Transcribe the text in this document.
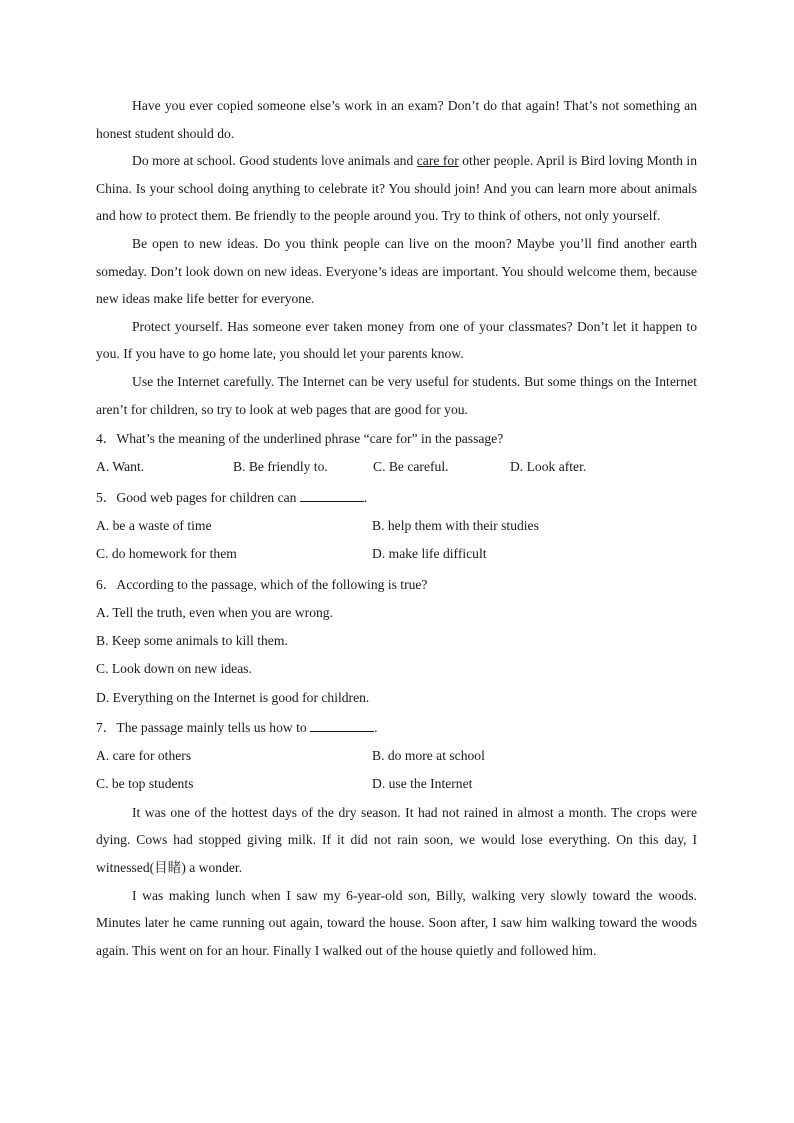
Have you ever copied someone else’s work in an exam? Don’t do that again! That’s not something an honest student should do.

Do more at school. Good students love animals and care for other people. April is Bird loving Month in China. Is your school doing anything to celebrate it? You should join! And you can learn more about animals and how to protect them. Be friendly to the people around you. Try to think of others, not only yourself.

Be open to new ideas. Do you think people can live on the moon? Maybe you’ll find another earth someday. Don’t look down on new ideas. Everyone’s ideas are important. You should welcome them, because new ideas make life better for everyone.

Protect yourself. Has someone ever taken money from one of your classmates? Don’t let it happen to you. If you have to go home late, you should let your parents know.

Use the Internet carefully. The Internet can be very useful for students. But some things on the Internet aren’t for children, so try to look at web pages that are good for you.

4．What’s the meaning of the underlined phrase “care for” in the passage?

A. Want.	B. Be friendly to.	C. Be careful.	D. Look after.

5．Good web pages for children can	.

A. be a waste of time	B. help them with their studies
C. do homework for them	D. make life difficult

6．According to the passage, which of the following is true?

A. Tell the truth, even when you are wrong.

B. Keep some animals to kill them.

C. Look down on new ideas.

D. Everything on the Internet is good for children.

7．The passage mainly tells us how to	.

A. care for others	B. do more at school
C. be top students	D. use the Internet

It was one of the hottest days of the dry season. It had not rained in almost a month. The crops were dying. Cows had stopped giving milk. If it did not rain soon, we would lose everything. On this day, I witnessed(目睹) a wonder.

I was making lunch when I saw my 6-year-old son, Billy, walking very slowly toward the woods. Minutes later he came running out again, toward the house. Soon after, I saw him walking toward the woods again. This went on for an hour. Finally I walked out of the house quietly and followed him.
